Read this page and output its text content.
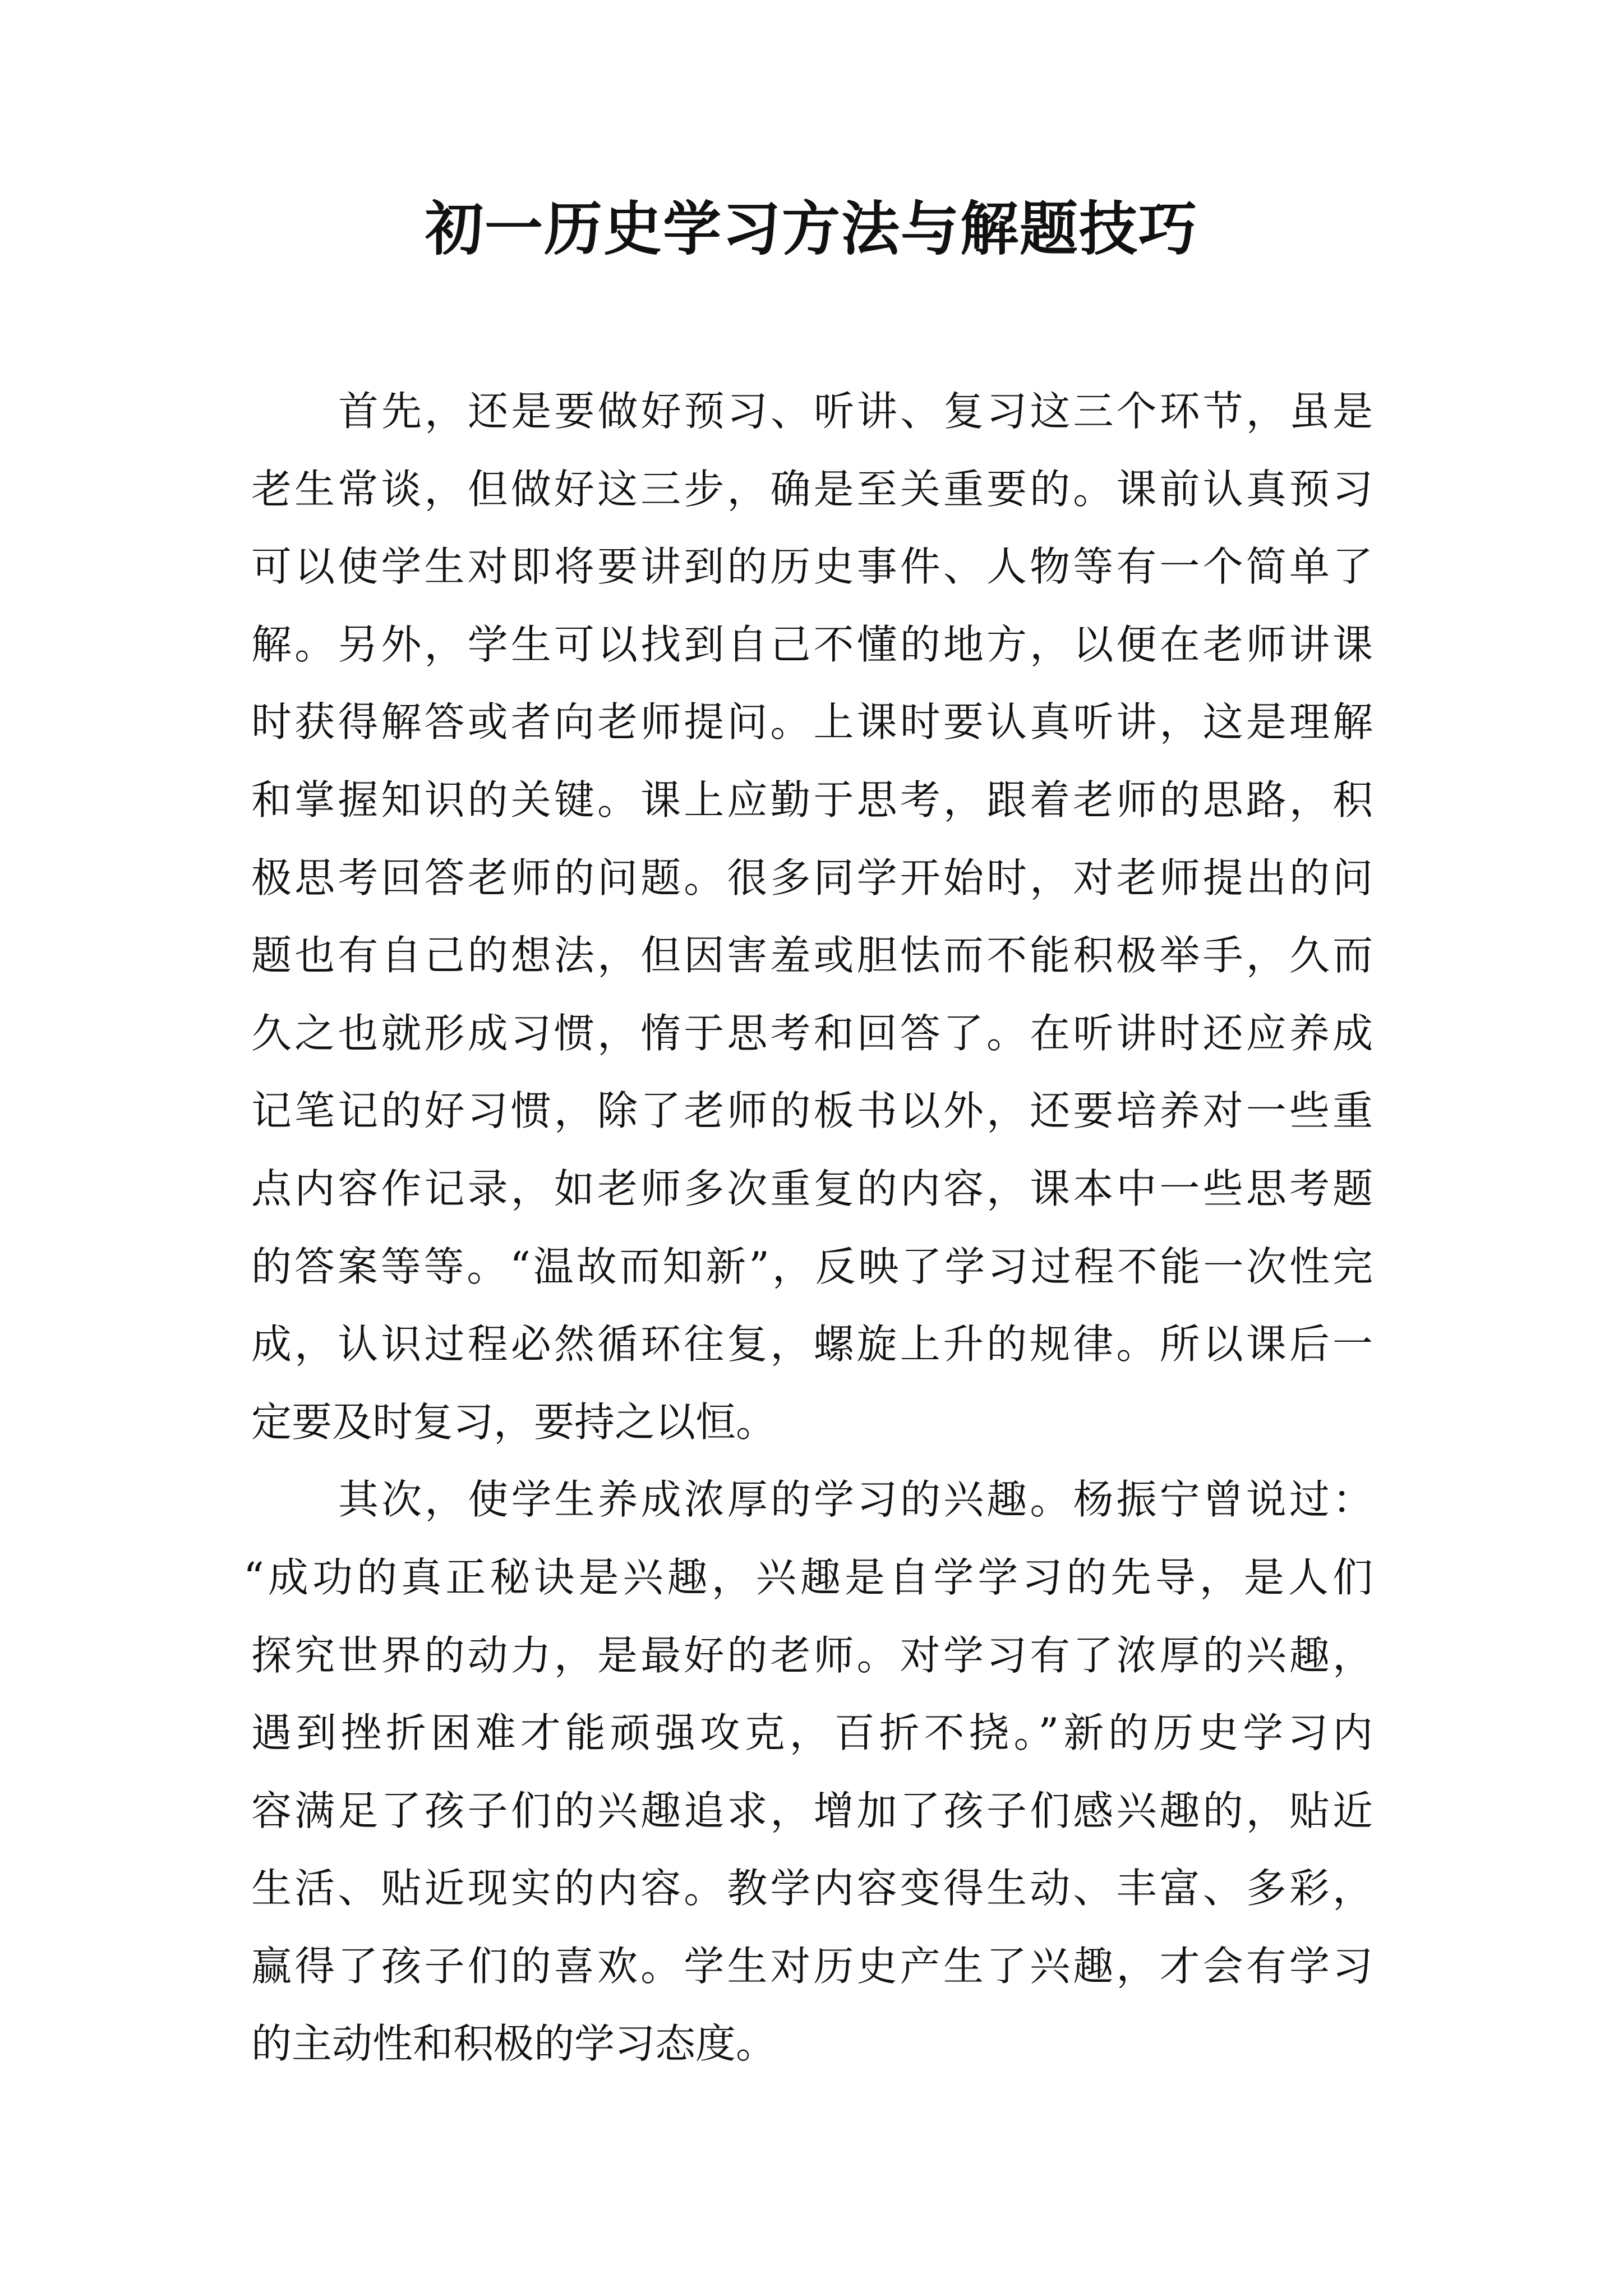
初一历史学习方法与解题技巧

首先，还是要做好预习、听讲、复习这三个环节，虽是
老生常谈，但做好这三步，确是至关重要的。课前认真预习
可以使学生对即将要讲到的历史事件、人物等有一个简单了
解。另外，学生可以找到自己不懂的地方，以便在老师讲课
时获得解答或者向老师提问。上课时要认真听讲，这是理解
和掌握知识的关键。课上应勤于思考，跟着老师的思路，积
极思考回答老师的问题。很多同学开始时，对老师提出的问
题也有自己的想法，但因害羞或胆怯而不能积极举手，久而
久之也就形成习惯，惰于思考和回答了。在听讲时还应养成
记笔记的好习惯，除了老师的板书以外，还要培养对一些重
点内容作记录，如老师多次重复的内容，课本中一些思考题
的答案等等。“温故而知新”，反映了学习过程不能一次性完
成，认识过程必然循环往复，螺旋上升的规律。所以课后一
定要及时复习，要持之以恒。

其次，使学生养成浓厚的学习的兴趣。杨振宁曾说过：
“成功的真正秘诀是兴趣，兴趣是自学学习的先导，是人们
探究世界的动力，是最好的老师。对学习有了浓厚的兴趣，
遇到挫折困难才能顽强攻克，百折不挠。”新的历史学习内
容满足了孩子们的兴趣追求，增加了孩子们感兴趣的，贴近
生活、贴近现实的内容。教学内容变得生动、丰富、多彩，
赢得了孩子们的喜欢。学生对历史产生了兴趣，才会有学习
的主动性和积极的学习态度。
